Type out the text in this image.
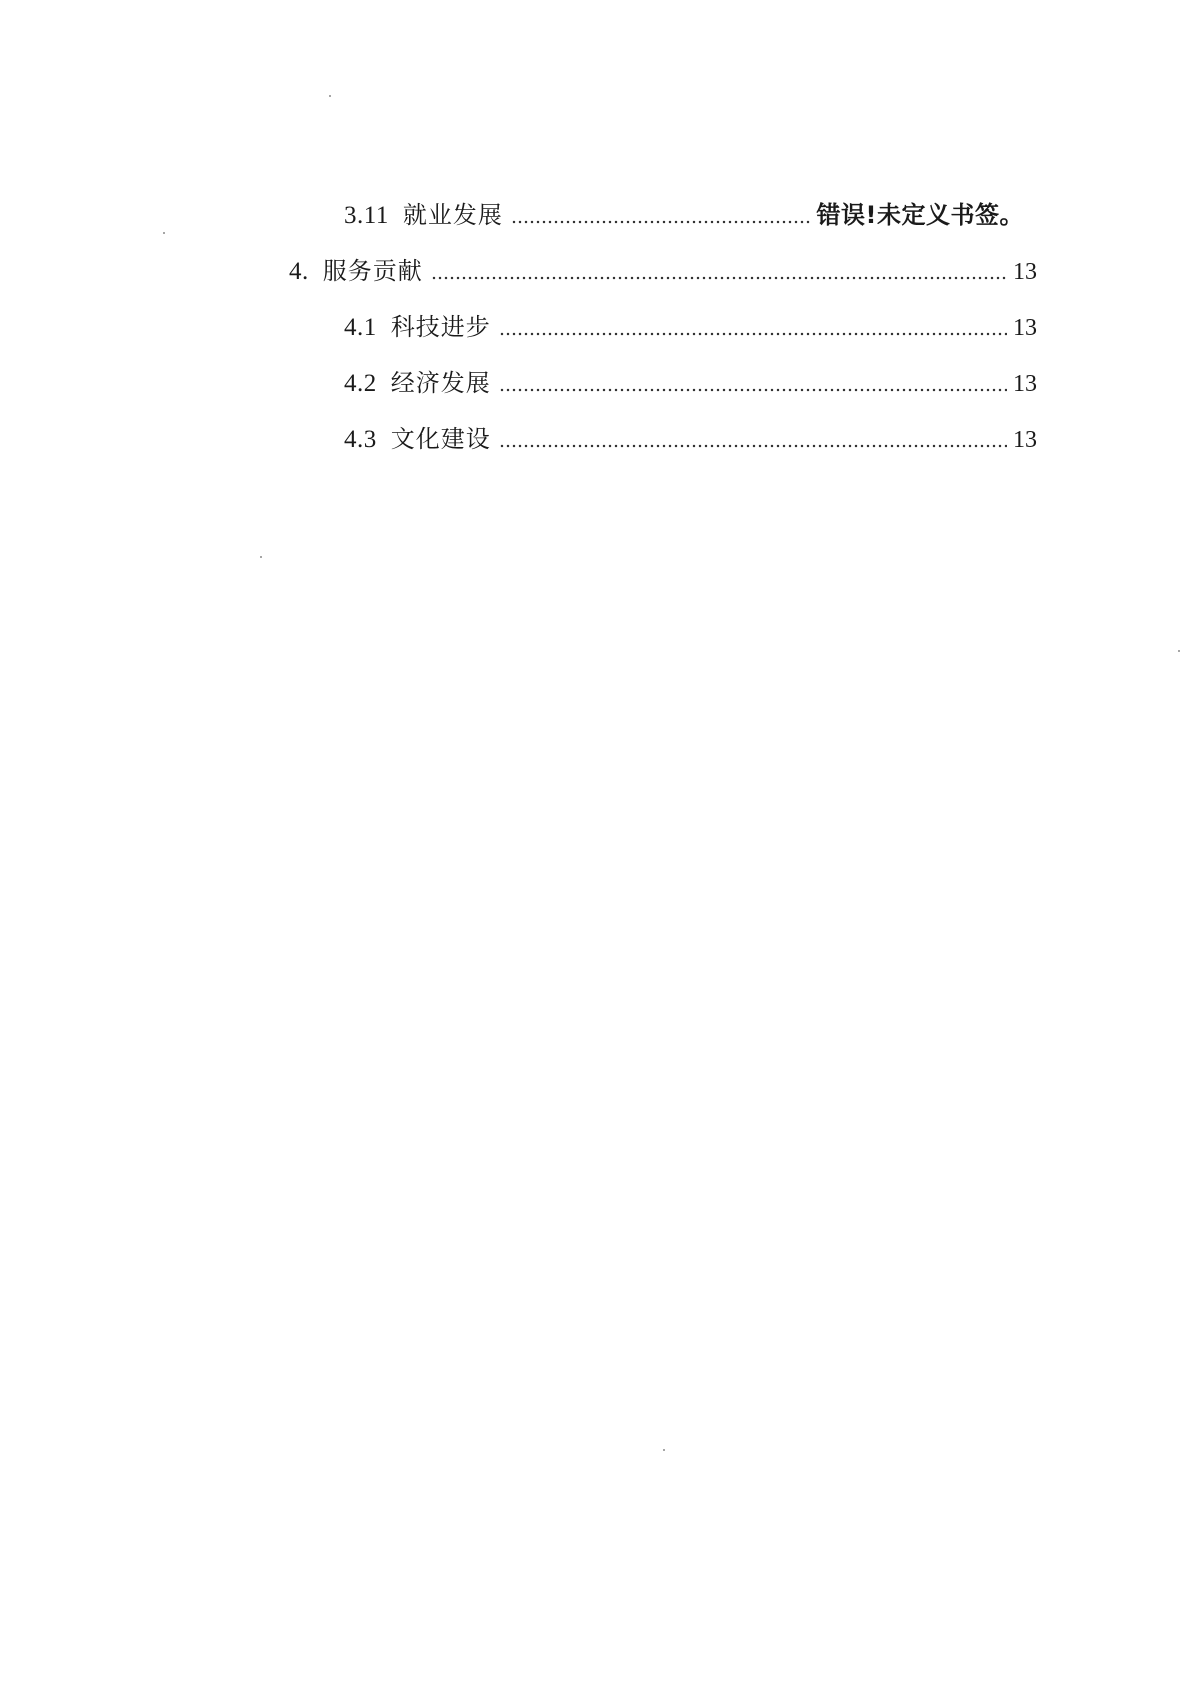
3.11 就业发展	错误!未定义书签。
4. 服务贡献	13
4.1 科技进步	13
4.2 经济发展	13
4.3 文化建设	13
